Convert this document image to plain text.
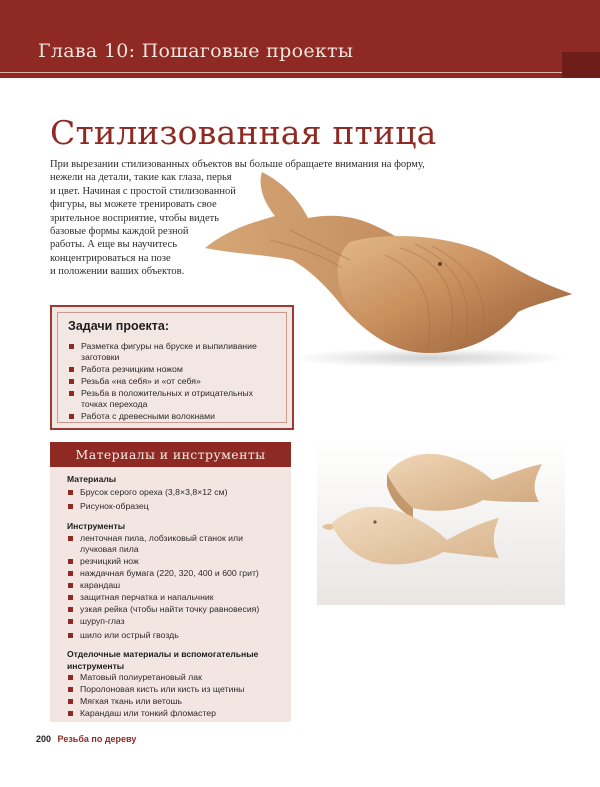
Глава 10: Пошаговые проекты
Стилизованная птица
При вырезании стилизованных объектов вы больше обращаете внимания на форму,
нежели на детали, такие как глаза, перья
и цвет. Начиная с простой стилизованной
фигуры, вы можете тренировать свое
зрительное восприятие, чтобы видеть
базовые формы каждой резной
работы. А еще вы научитесь
концентрироваться на позе
и положении ваших объектов.
Задачи проекта:
Разметка фигуры на бруске и выпиливание
заготовки
Работа резчицким ножом
Резьба «на себя» и «от себя»
Резьба в положительных и отрицательных
точках перехода
Работа с древесными волокнами
Материалы и инструменты
Материалы
Брусок серого ореха (3,8×3,8×12 см)
Рисунок-образец
Инструменты
ленточная пила, лобзиковый станок или
лучковая пила
резчицкий нож
наждачная бумага (220, 320, 400 и 600 грит)
карандаш
защитная перчатка и напальчник
узкая рейка (чтобы найти точку равновесия)
шуруп-глаз
шило или острый гвоздь
Отделочные материалы и вспомогательные
инструменты
Матовый полиуретановый лак
Поролоновая кисть или кисть из щетины
Мягкая ткань или ветошь
Карандаш или тонкий фломастер
200 Резьба по дереву
